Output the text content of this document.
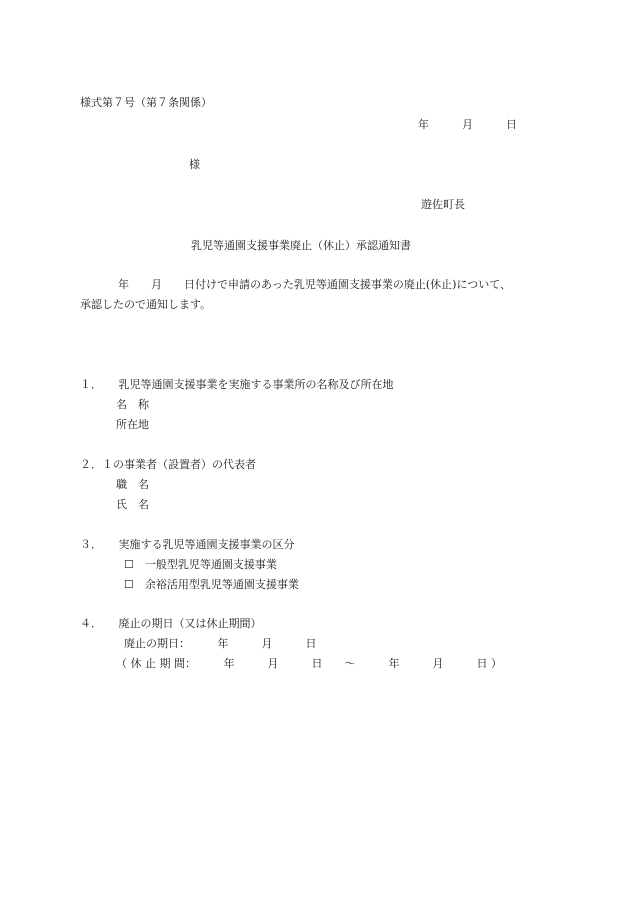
様式第７号（第７条関係）
年　　　月　　　日
様
遊佐町長
乳児等通園支援事業廃止（休止）承認通知書
年　　月　　日付けで申請のあった乳児等通園支援事業の廃止(休止)について、
承認したので通知します。
１．　　乳児等通園支援事業を実施する事業所の名称及び所在地
名　称
所在地
２．１の事業者（設置者）の代表者
職　名
氏　名
３．　　実施する乳児等通園支援事業の区分
☐　一般型乳児等通園支援事業
☐　余裕活用型乳児等通園支援事業
４．　　廃止の期日（又は休止期間）
廃止の期日：　　　年　　　月　　　日
（ 休 止 期 間：　　　年　　　月　　　日　　～　　　年　　　月　　　日 ）
